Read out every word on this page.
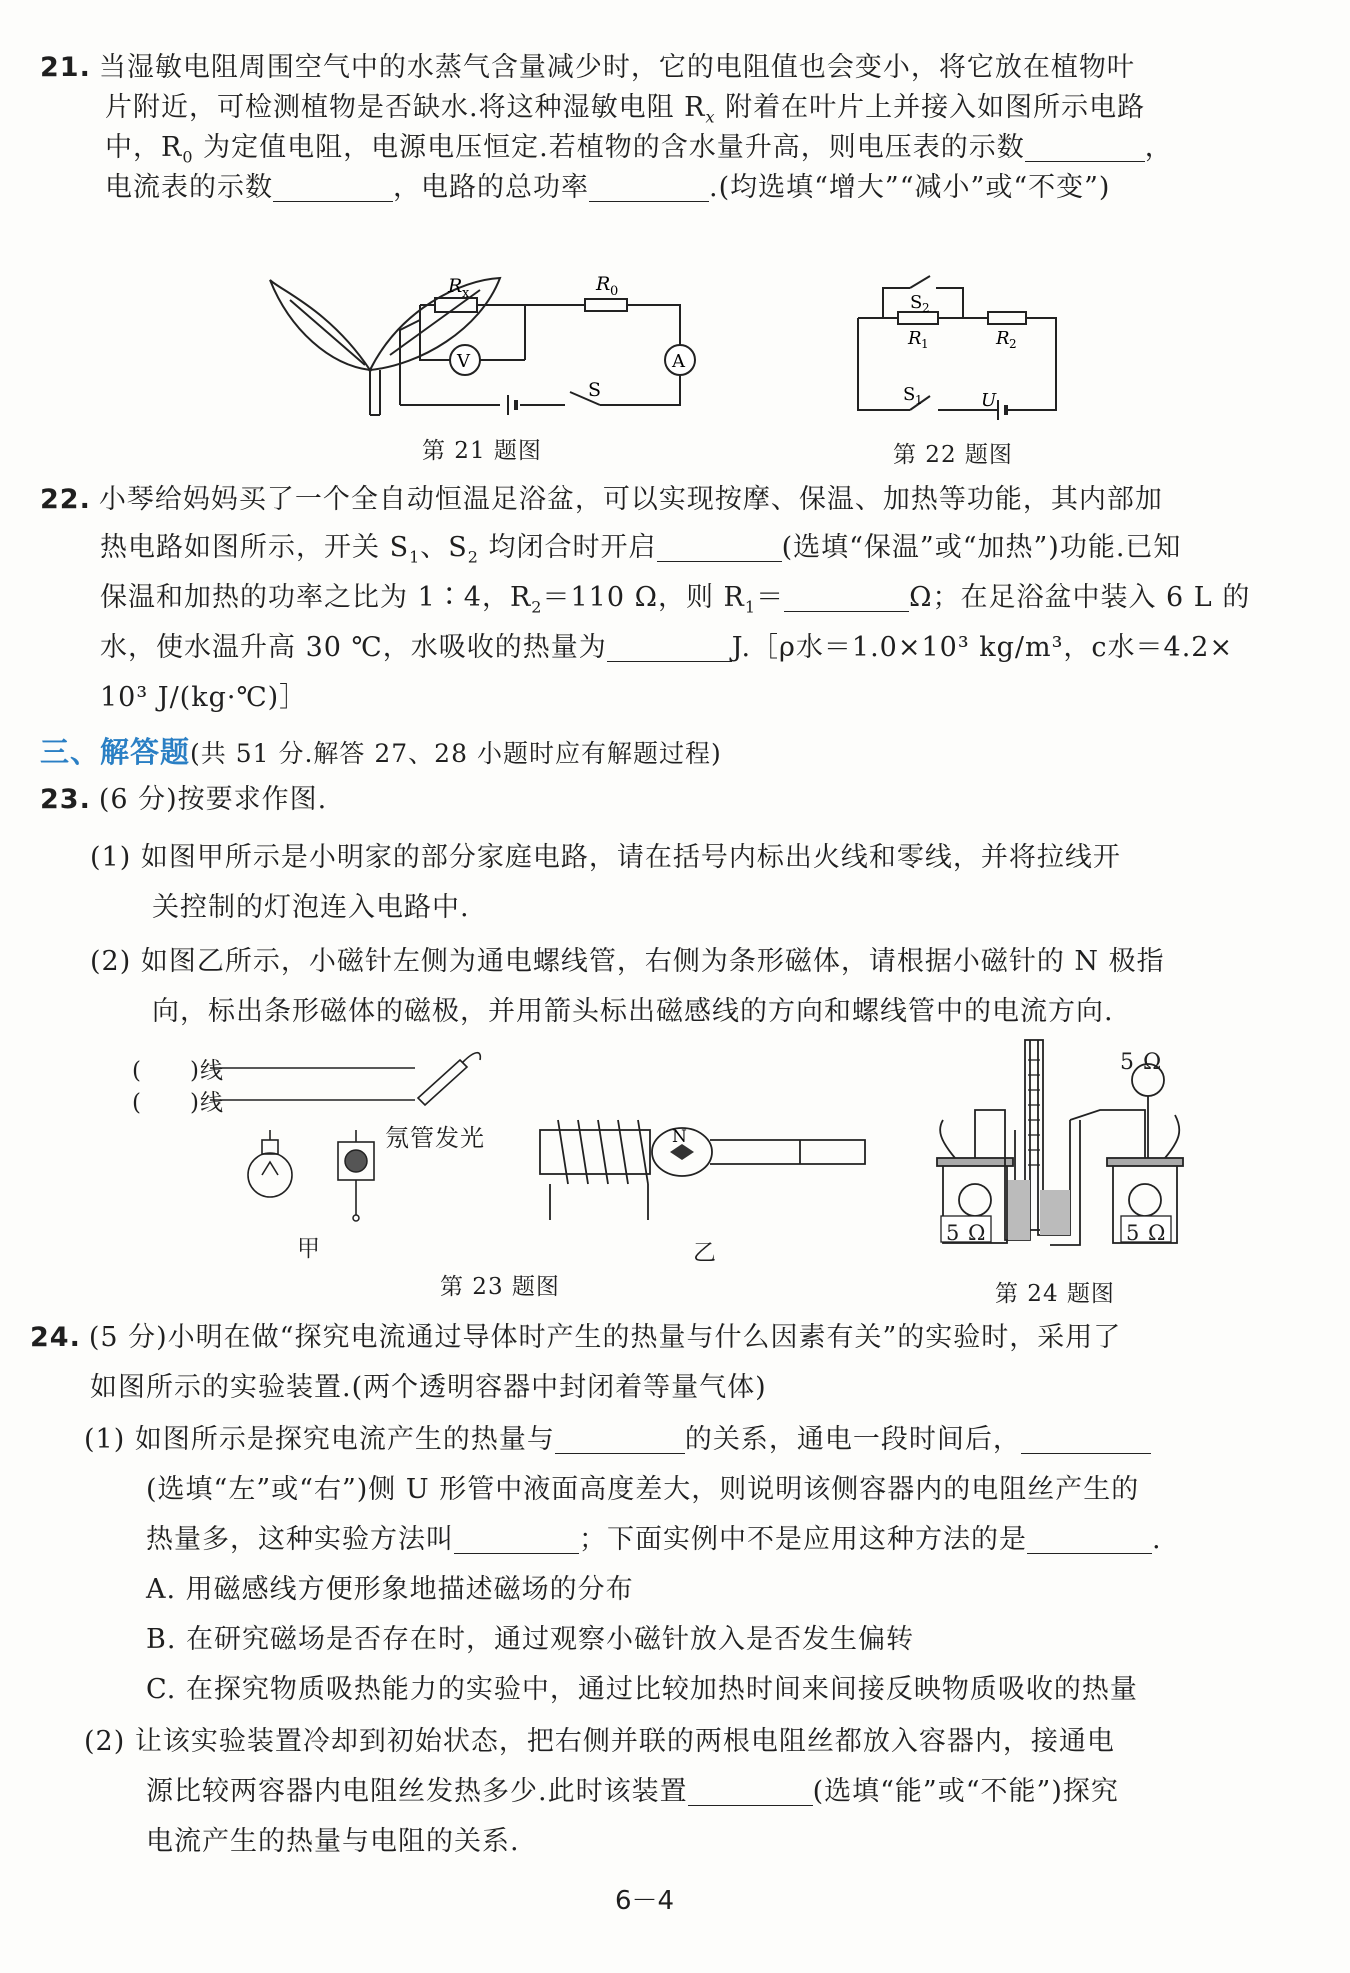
21. 当湿敏电阻周围空气中的水蒸气含量减少时，它的电阻值也会变小，将它放在植物叶
片附近，可检测植物是否缺水.将这种湿敏电阻 $R_x$ 附着在叶片上并接入如图所示电路
中，$R_0$ 为定值电阻，电源电压恒定.若植物的含水量升高，则电压表的示数	，
电流表的示数	，电路的总功率	.(均选填“增大”“减小”或“不变”)
V	A
R x	R 0
S
第 21 题图
S 2
R 1	R 2
S 1	U
第 22 题图
22. 小琴给妈妈买了一个全自动恒温足浴盆，可以实现按摩、保温、加热等功能，其内部加
热电路如图所示，开关 $S_1$、$S_2$ 均闭合时开启	(选填“保温”或“加热”)功能.已知
保温和加热的功率之比为 1∶4，$R_2=110$ Ω，则 $R_1=$	Ω；在足浴盆中装入 6 L 的
水，使水温升高 30 ℃，水吸收的热量为	J.［ρ水＝1.0×10³ kg/m³，c水＝4.2×
10³ J/(kg·℃)］
三、解答题(共 51 分.解答 27、28 小题时应有解题过程)
23. (6 分)按要求作图.
(1) 如图甲所示是小明家的部分家庭电路，请在括号内标出火线和零线，并将拉线开
关控制的灯泡连入电路中.
(2) 如图乙所示，小磁针左侧为通电螺线管，右侧为条形磁体，请根据小磁针的 N 极指
向，标出条形磁体的磁极，并用箭头标出磁感线的方向和螺线管中的电流方向.
(　　)线
(　　)线
氖管发光
甲
N
乙
第 23 题图
5 Ω
5 Ω	5 Ω
第 24 题图
24. (5 分)小明在做“探究电流通过导体时产生的热量与什么因素有关”的实验时，采用了
如图所示的实验装置.(两个透明容器中封闭着等量气体)
(1) 如图所示是探究电流产生的热量与	的关系，通电一段时间后，
(选填“左”或“右”)侧 U 形管中液面高度差大，则说明该侧容器内的电阻丝产生的
热量多，这种实验方法叫	；下面实例中不是应用这种方法的是	.
A. 用磁感线方便形象地描述磁场的分布
B. 在研究磁场是否存在时，通过观察小磁针放入是否发生偏转
C. 在探究物质吸热能力的实验中，通过比较加热时间来间接反映物质吸收的热量
(2) 让该实验装置冷却到初始状态，把右侧并联的两根电阻丝都放入容器内，接通电
源比较两容器内电阻丝发热多少.此时该装置	(选填“能”或“不能”)探究
电流产生的热量与电阻的关系.
6－4
